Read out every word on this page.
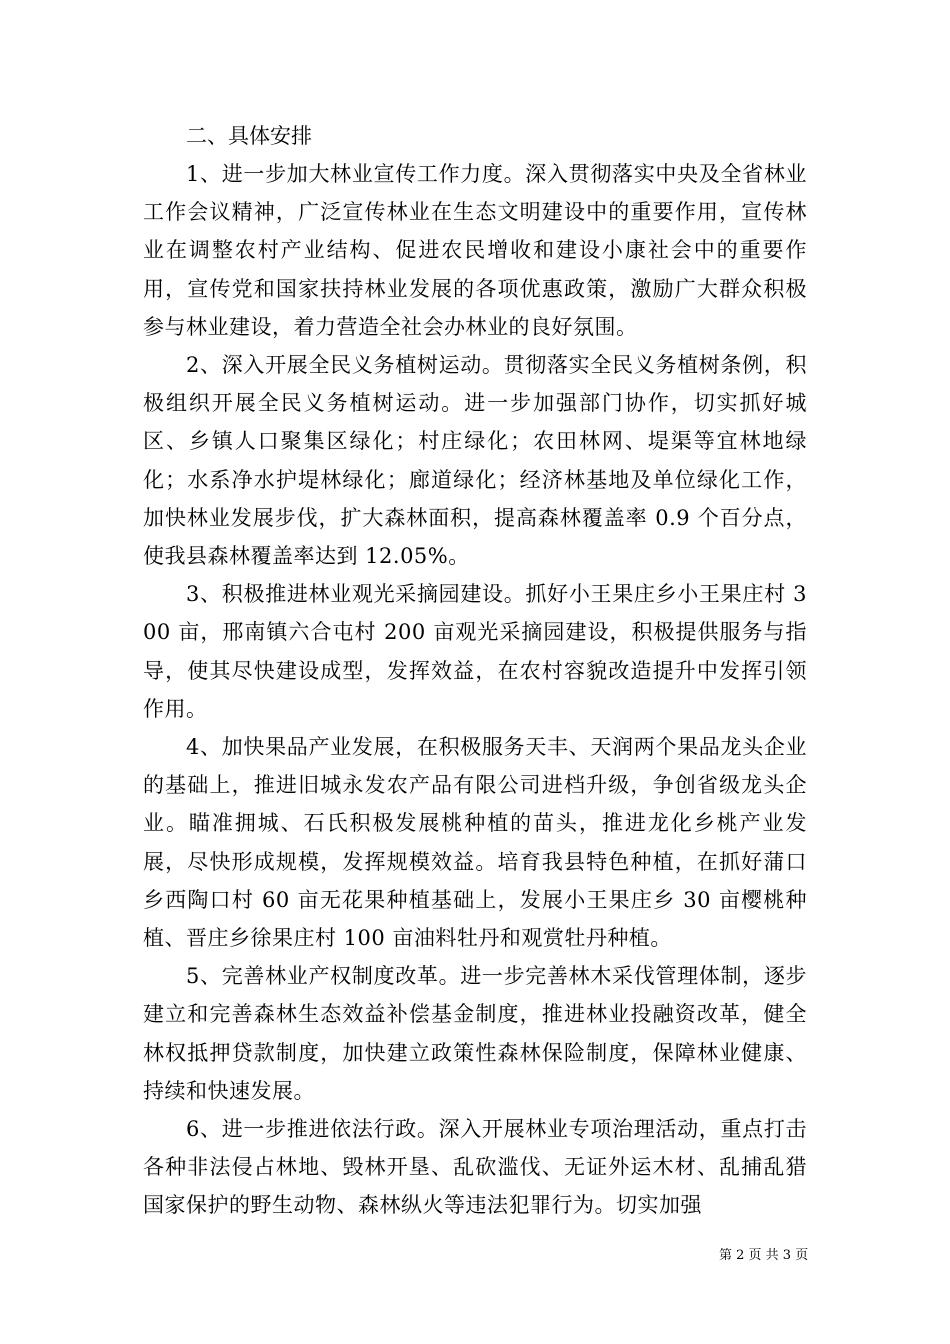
二、具体安排

1、进一步加大林业宣传工作力度。深入贯彻落实中央及全省林业工作会议精神，广泛宣传林业在生态文明建设中的重要作用，宣传林业在调整农村产业结构、促进农民增收和建设小康社会中的重要作用，宣传党和国家扶持林业发展的各项优惠政策，激励广大群众积极参与林业建设，着力营造全社会办林业的良好氛围。

2、深入开展全民义务植树运动。贯彻落实全民义务植树条例，积极组织开展全民义务植树运动。进一步加强部门协作，切实抓好城区、乡镇人口聚集区绿化；村庄绿化；农田林网、堤渠等宜林地绿化；水系净水护堤林绿化；廊道绿化；经济林基地及单位绿化工作，加快林业发展步伐，扩大森林面积，提高森林覆盖率 0.9 个百分点，使我县森林覆盖率达到 12.05%。

3、积极推进林业观光采摘园建设。抓好小王果庄乡小王果庄村 300 亩，邢南镇六合屯村 200 亩观光采摘园建设，积极提供服务与指导，使其尽快建设成型，发挥效益，在农村容貌改造提升中发挥引领作用。

4、加快果品产业发展，在积极服务天丰、天润两个果品龙头企业的基础上，推进旧城永发农产品有限公司进档升级，争创省级龙头企业。瞄准拥城、石氏积极发展桃种植的苗头，推进龙化乡桃产业发展，尽快形成规模，发挥规模效益。培育我县特色种植，在抓好蒲口乡西陶口村 60 亩无花果种植基础上，发展小王果庄乡 30 亩樱桃种植、晋庄乡徐果庄村 100 亩油料牡丹和观赏牡丹种植。

5、完善林业产权制度改革。进一步完善林木采伐管理体制，逐步建立和完善森林生态效益补偿基金制度，推进林业投融资改革，健全林权抵押贷款制度，加快建立政策性森林保险制度，保障林业健康、持续和快速发展。

6、进一步推进依法行政。深入开展林业专项治理活动，重点打击各种非法侵占林地、毁林开垦、乱砍滥伐、无证外运木材、乱捕乱猎国家保护的野生动物、森林纵火等违法犯罪行为。切实加强

第 2 页 共 3 页
